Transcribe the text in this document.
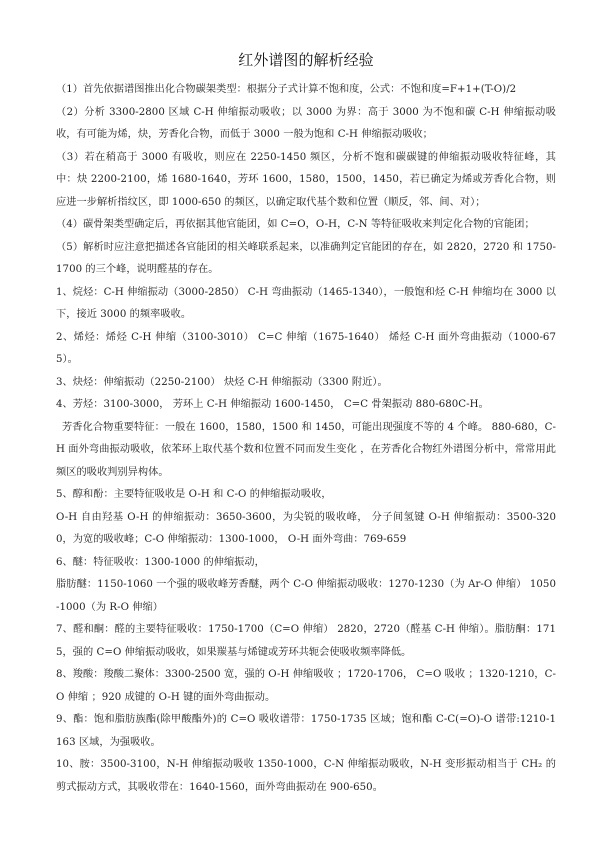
红外谱图的解析经验

（1）首先依据谱图推出化合物碳架类型：根据分子式计算不饱和度，公式：不饱和度=F+1+(T-O)/2

（2）分析 3300-2800 区域 C-H 伸缩振动吸收；以 3000 为界：高于 3000 为不饱和碳 C-H 伸缩振动吸收，有可能为烯，炔，芳香化合物，而低于 3000 一般为饱和 C-H 伸缩振动吸收；

（3）若在稍高于 3000 有吸收，则应在 2250-1450 频区，分析不饱和碳碳键的伸缩振动吸收特征峰，其中：炔 2200-2100，烯 1680-1640，芳环 1600，1580，1500，1450，若已确定为烯或芳香化合物，则应进一步解析指纹区，即 1000-650 的频区，以确定取代基个数和位置（顺反，邻、间、对）；

（4）碳骨架类型确定后，再依据其他官能团，如 C=O，O-H，C-N 等特征吸收来判定化合物的官能团；

（5）解析时应注意把描述各官能团的相关峰联系起来，以准确判定官能团的存在，如 2820，2720 和 1750-1700 的三个峰，说明醛基的存在。

1、烷烃：C-H 伸缩振动（3000-2850） C-H 弯曲振动（1465-1340），一般饱和烃 C-H 伸缩均在 3000 以下，接近 3000 的频率吸收。

2、烯烃：烯烃 C-H 伸缩（3100-3010） C=C 伸缩（1675-1640） 烯烃 C-H 面外弯曲振动（1000-675）。

3、炔烃：伸缩振动（2250-2100） 炔烃 C-H 伸缩振动（3300 附近）。

4、芳烃：3100-3000， 芳环上 C-H 伸缩振动 1600-1450， C=C 骨架振动 880-680C-H。

芳香化合物重要特征：一般在 1600，1580，1500 和 1450，可能出现强度不等的 4 个峰。 880-680，C-H 面外弯曲振动吸收，依苯环上取代基个数和位置不同而发生变化 ，在芳香化合物红外谱图分析中，常常用此频区的吸收判别异构体。

5、醇和酚：主要特征吸收是 O-H 和 C-O 的伸缩振动吸收，

O-H 自由羟基 O-H 的伸缩振动：3650-3600，为尖锐的吸收峰， 分子间氢键 O-H 伸缩振动：3500-3200，为宽的吸收峰；C-O 伸缩振动：1300-1000， O-H 面外弯曲：769-659

6、醚：特征吸收：1300-1000 的伸缩振动，

脂肪醚：1150-1060 一个强的吸收峰芳香醚，两个 C-O 伸缩振动吸收：1270-1230（为 Ar-O 伸缩） 1050-1000（为 R-O 伸缩）

7、醛和酮：醛的主要特征吸收：1750-1700（C=O 伸缩） 2820，2720（醛基 C-H 伸缩）。脂肪酮：1715，强的 C=O 伸缩振动吸收，如果羰基与烯键或芳环共轭会使吸收频率降低。

8、羧酸：羧酸二聚体：3300-2500 宽，强的 O-H 伸缩吸收 ；1720-1706， C=O 吸收 ；1320-1210，C-O 伸缩 ；920 成键的 O-H 键的面外弯曲振动。

9、酯：饱和脂肪族酯(除甲酸酯外)的 C=O 吸收谱带：1750-1735 区域；饱和酯 C-C(=O)-O 谱带:1210-1163 区域，为强吸收。

10、胺：3500-3100，N-H 伸缩振动吸收 1350-1000，C-N 伸缩振动吸收，N-H 变形振动相当于 CH₂ 的剪式振动方式，其吸收带在：1640-1560，面外弯曲振动在 900-650。
